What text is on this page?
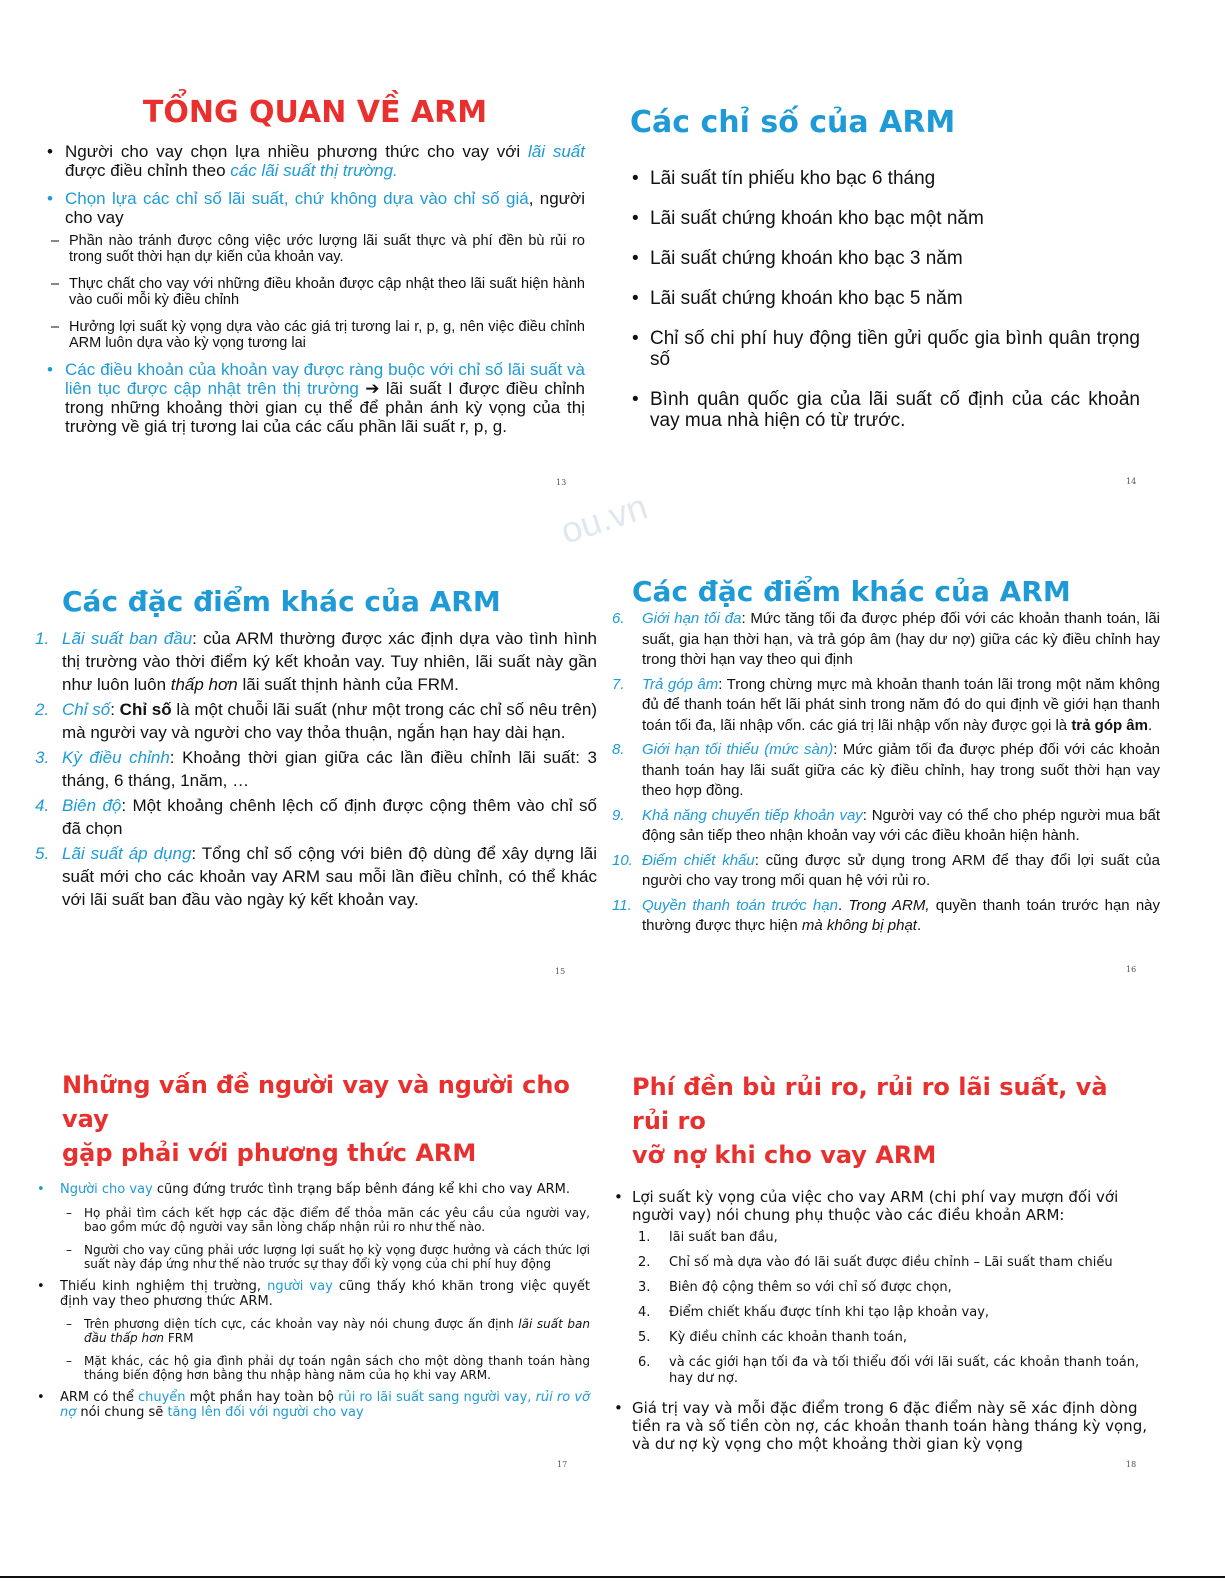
ou.vn
TỔNG QUAN VỀ ARM
• Người cho vay chọn lựa nhiều phương thức cho vay với lãi suất được điều chỉnh theo các lãi suất thị trường.
• Chọn lựa các chỉ số lãi suất, chứ không dựa vào chỉ số giá, người cho vay
– Phần nào tránh được công việc ước lượng lãi suất thực và phí đền bù rủi ro trong suốt thời hạn dự kiến của khoản vay.
– Thực chất cho vay với những điều khoản được cập nhật theo lãi suất hiện hành vào cuối mỗi kỳ điều chỉnh
– Hưởng lợi suất kỳ vọng dựa vào các giá trị tương lai r, p, g, nên việc điều chỉnh ARM luôn dựa vào kỳ vọng tương lai
• Các điều khoản của khoản vay được ràng buộc với chỉ số lãi suất và liên tục được cập nhật trên thị trường ➔ lãi suất I được điều chỉnh trong những khoảng thời gian cụ thể để phản ánh kỳ vọng của thị trường về giá trị tương lai của các cấu phần lãi suất r, p, g.
13
Các chỉ số của ARM
• Lãi suất tín phiếu kho bạc 6 tháng
• Lãi suất chứng khoán kho bạc một năm
• Lãi suất chứng khoán kho bạc 3 năm
• Lãi suất chứng khoán kho bạc 5 năm
• Chỉ số chi phí huy động tiền gửi quốc gia bình quân trọng số
• Bình quân quốc gia của lãi suất cố định của các khoản vay mua nhà hiện có từ trước.
14
Các đặc điểm khác của ARM
1. Lãi suất ban đầu: của ARM thường được xác định dựa vào tình hình thị trường vào thời điểm ký kết khoản vay. Tuy nhiên, lãi suất này gần như luôn luôn thấp hơn lãi suất thịnh hành của FRM.
2. Chỉ số: Chỉ số là một chuỗi lãi suất (như một trong các chỉ số nêu trên) mà người vay và người cho vay thỏa thuận, ngắn hạn hay dài hạn.
3. Kỳ điều chỉnh: Khoảng thời gian giữa các lần điều chỉnh lãi suất: 3 tháng, 6 tháng, 1năm, …
4. Biên độ: Một khoảng chênh lệch cố định được cộng thêm vào chỉ số đã chọn
5. Lãi suất áp dụng: Tổng chỉ số cộng với biên độ dùng để xây dựng lãi suất mới cho các khoản vay ARM sau mỗi lần điều chỉnh, có thể khác với lãi suất ban đầu vào ngày ký kết khoản vay.
15
Các đặc điểm khác của ARM
6. Giới hạn tối đa: Mức tăng tối đa được phép đối với các khoản thanh toán, lãi suất, gia hạn thời hạn, và trả góp âm (hay dư nợ) giữa các kỳ điều chỉnh hay trong thời hạn vay theo qui định
7. Trả góp âm: Trong chừng mực mà khoản thanh toán lãi trong một năm không đủ để thanh toán hết lãi phát sinh trong năm đó do qui định về giới hạn thanh toán tối đa, lãi nhập vốn. các giá trị lãi nhập vốn này được gọi là trả góp âm.
8. Giới hạn tối thiểu (mức sàn): Mức giảm tối đa được phép đối với các khoản thanh toán hay lãi suất giữa các kỳ điều chỉnh, hay trong suốt thời hạn vay theo hợp đồng.
9. Khả năng chuyển tiếp khoản vay: Người vay có thể cho phép người mua bất động sản tiếp theo nhận khoản vay với các điều khoản hiện hành.
10. Điểm chiết khấu: cũng được sử dụng trong ARM để thay đổi lợi suất của người cho vay trong mối quan hệ với rủi ro.
11. Quyền thanh toán trước hạn. Trong ARM, quyền thanh toán trước hạn này thường được thực hiện mà không bị phạt.
16
Những vấn đề người vay và người cho vay
gặp phải với phương thức ARM
• Người cho vay cũng đứng trước tình trạng bấp bênh đáng kể khi cho vay ARM.
– Họ phải tìm cách kết hợp các đặc điểm để thỏa mãn các yêu cầu của người vay, bao gồm mức độ người vay sẵn lòng chấp nhận rủi ro như thế nào.
– Người cho vay cũng phải ước lượng lợi suất họ kỳ vọng được hưởng và cách thức lợi suất này đáp ứng như thế nào trước sự thay đổi kỳ vọng của chi phí huy động
• Thiếu kinh nghiệm thị trường, người vay cũng thấy khó khăn trong việc quyết định vay theo phương thức ARM.
– Trên phương diện tích cực, các khoản vay này nói chung được ấn định lãi suất ban đầu thấp hơn FRM
– Mặt khác, các hộ gia đình phải dự toán ngân sách cho một dòng thanh toán hàng tháng biến động hơn bằng thu nhập hàng năm của họ khi vay ARM.
• ARM có thể chuyển một phần hay toàn bộ rủi ro lãi suất sang người vay, rủi ro vỡ nợ nói chung sẽ tăng lên đối với người cho vay
17
Phí đền bù rủi ro, rủi ro lãi suất, và rủi ro
vỡ nợ khi cho vay ARM
• Lợi suất kỳ vọng của việc cho vay ARM (chi phí vay mượn đối với người vay) nói chung phụ thuộc vào các điều khoản ARM:
1. lãi suất ban đầu,
2. Chỉ số mà dựa vào đó lãi suất được điều chỉnh – Lãi suất tham chiếu
3. Biên độ cộng thêm so với chỉ số được chọn,
4. Điểm chiết khấu được tính khi tạo lập khoản vay,
5. Kỳ điều chỉnh các khoản thanh toán,
6. và các giới hạn tối đa và tối thiểu đối với lãi suất, các khoản thanh toán, hay dư nợ.
• Giá trị vay và mỗi đặc điểm trong 6 đặc điểm này sẽ xác định dòng tiền ra và số tiền còn nợ, các khoản thanh toán hàng tháng kỳ vọng, và dư nợ kỳ vọng cho một khoảng thời gian kỳ vọng
18
